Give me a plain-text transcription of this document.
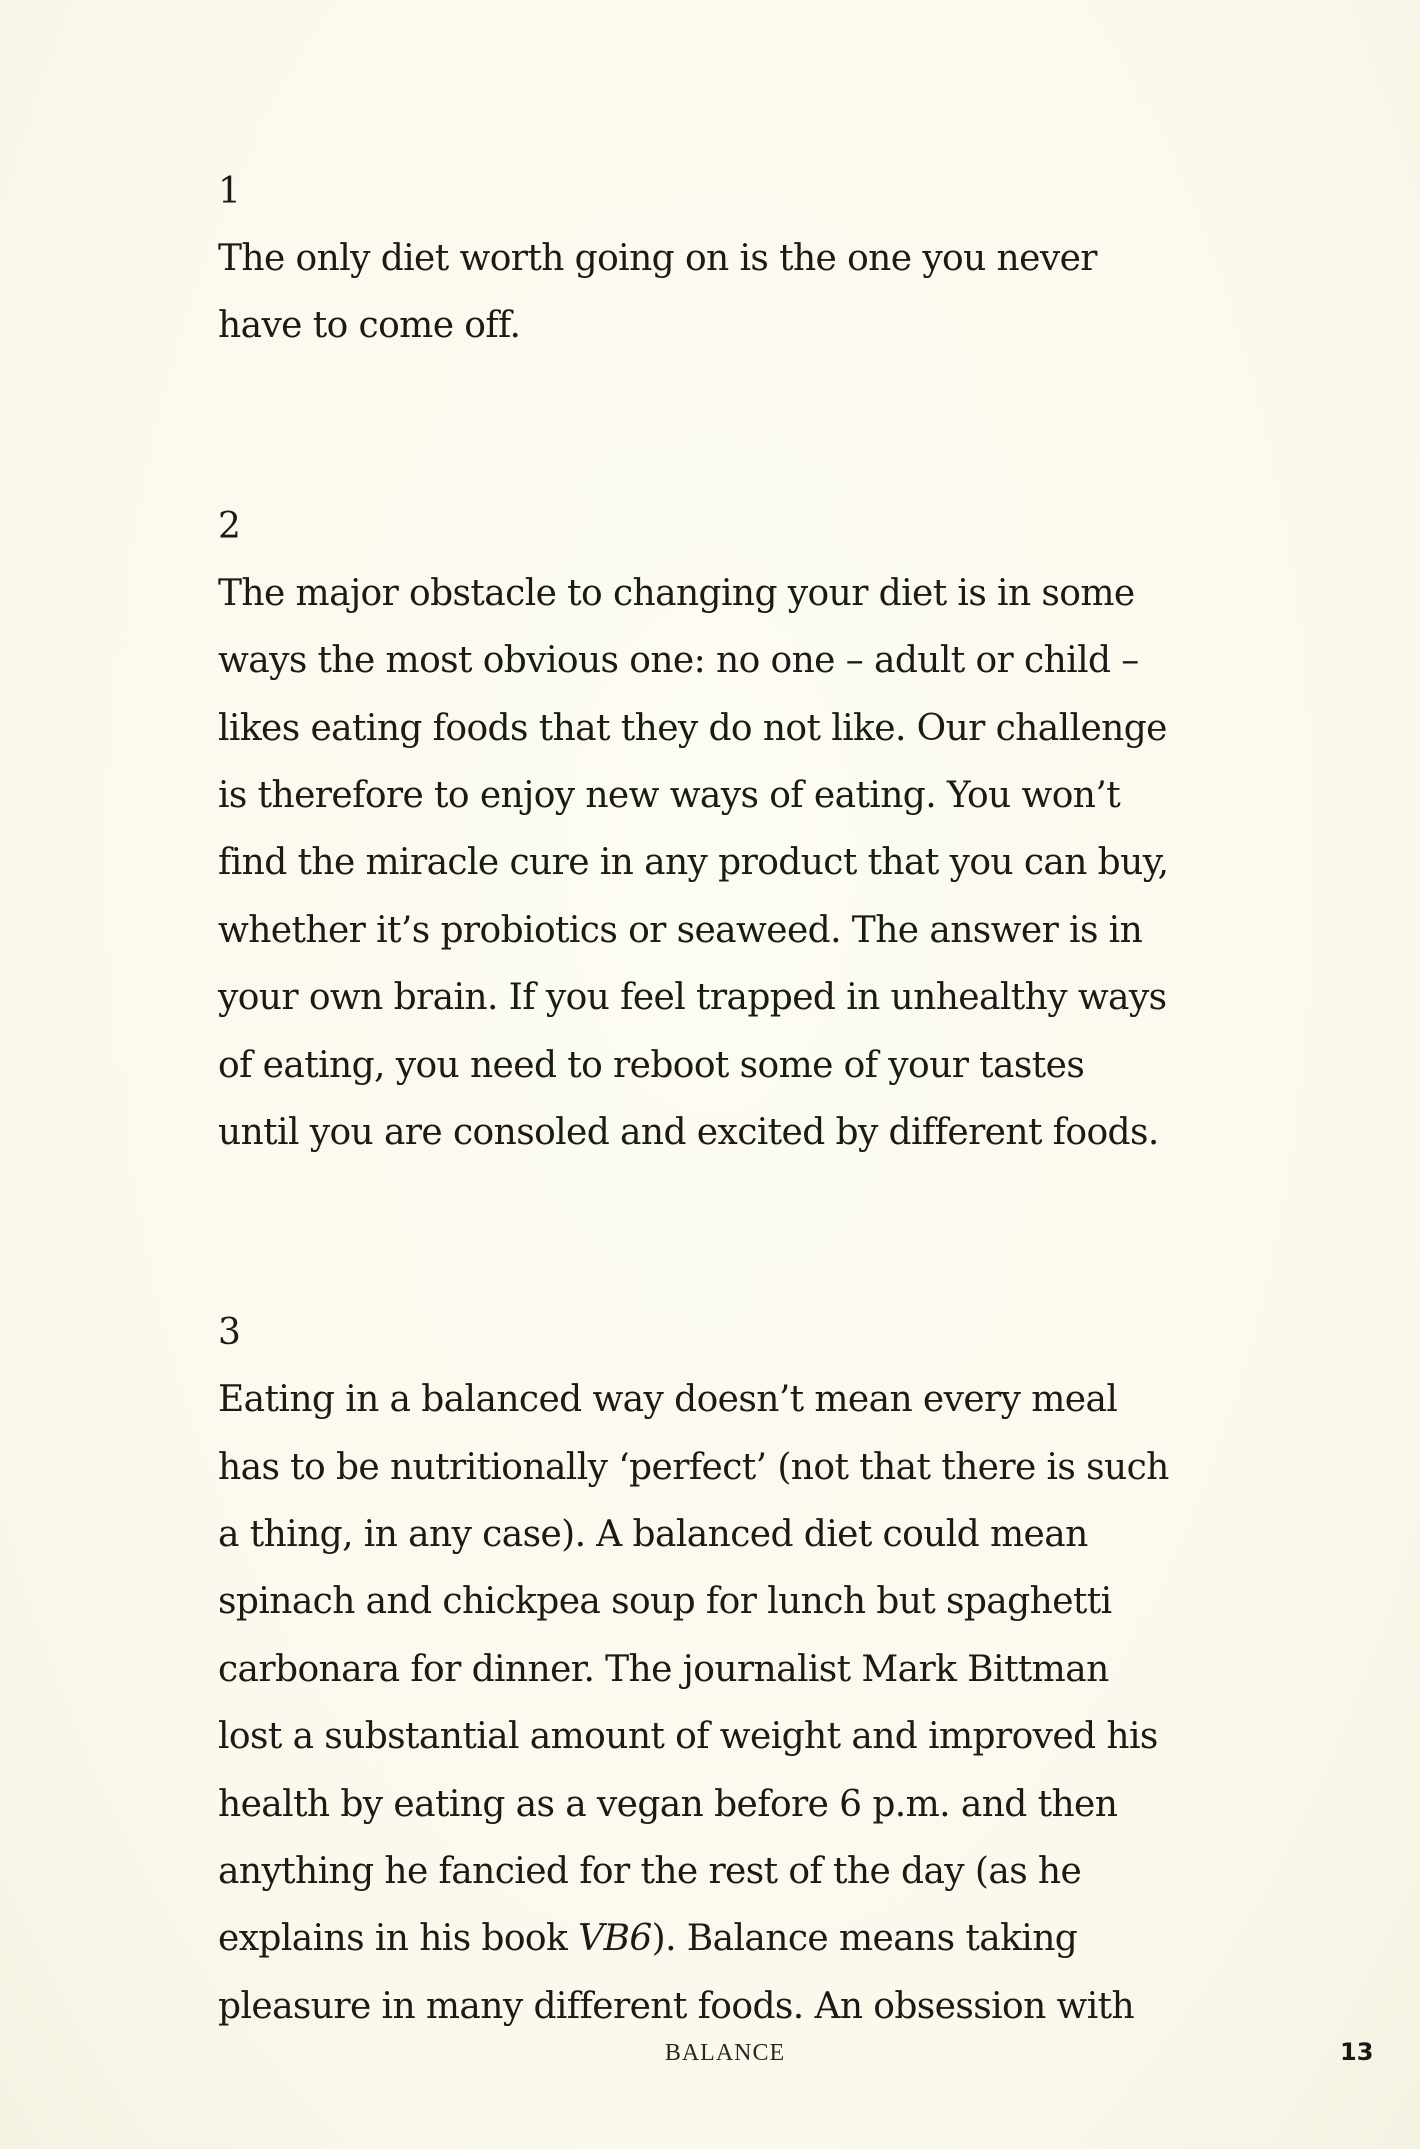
1
The only diet worth going on is the one you never
have to come off.
2
The major obstacle to changing your diet is in some
ways the most obvious one: no one – adult or child –
likes eating foods that they do not like. Our challenge
is therefore to enjoy new ways of eating. You won’t
find the miracle cure in any product that you can buy,
whether it’s probiotics or seaweed. The answer is in
your own brain. If you feel trapped in unhealthy ways
of eating, you need to reboot some of your tastes
until you are consoled and excited by different foods.
3
Eating in a balanced way doesn’t mean every meal
has to be nutritionally ‘perfect’ (not that there is such
a thing, in any case). A balanced diet could mean
spinach and chickpea soup for lunch but spaghetti
carbonara for dinner. The journalist Mark Bittman
lost a substantial amount of weight and improved his
health by eating as a vegan before 6 p.m. and then
anything he fancied for the rest of the day (as he
explains in his book VB6). Balance means taking
pleasure in many different foods. An obsession with
BALANCE	13
